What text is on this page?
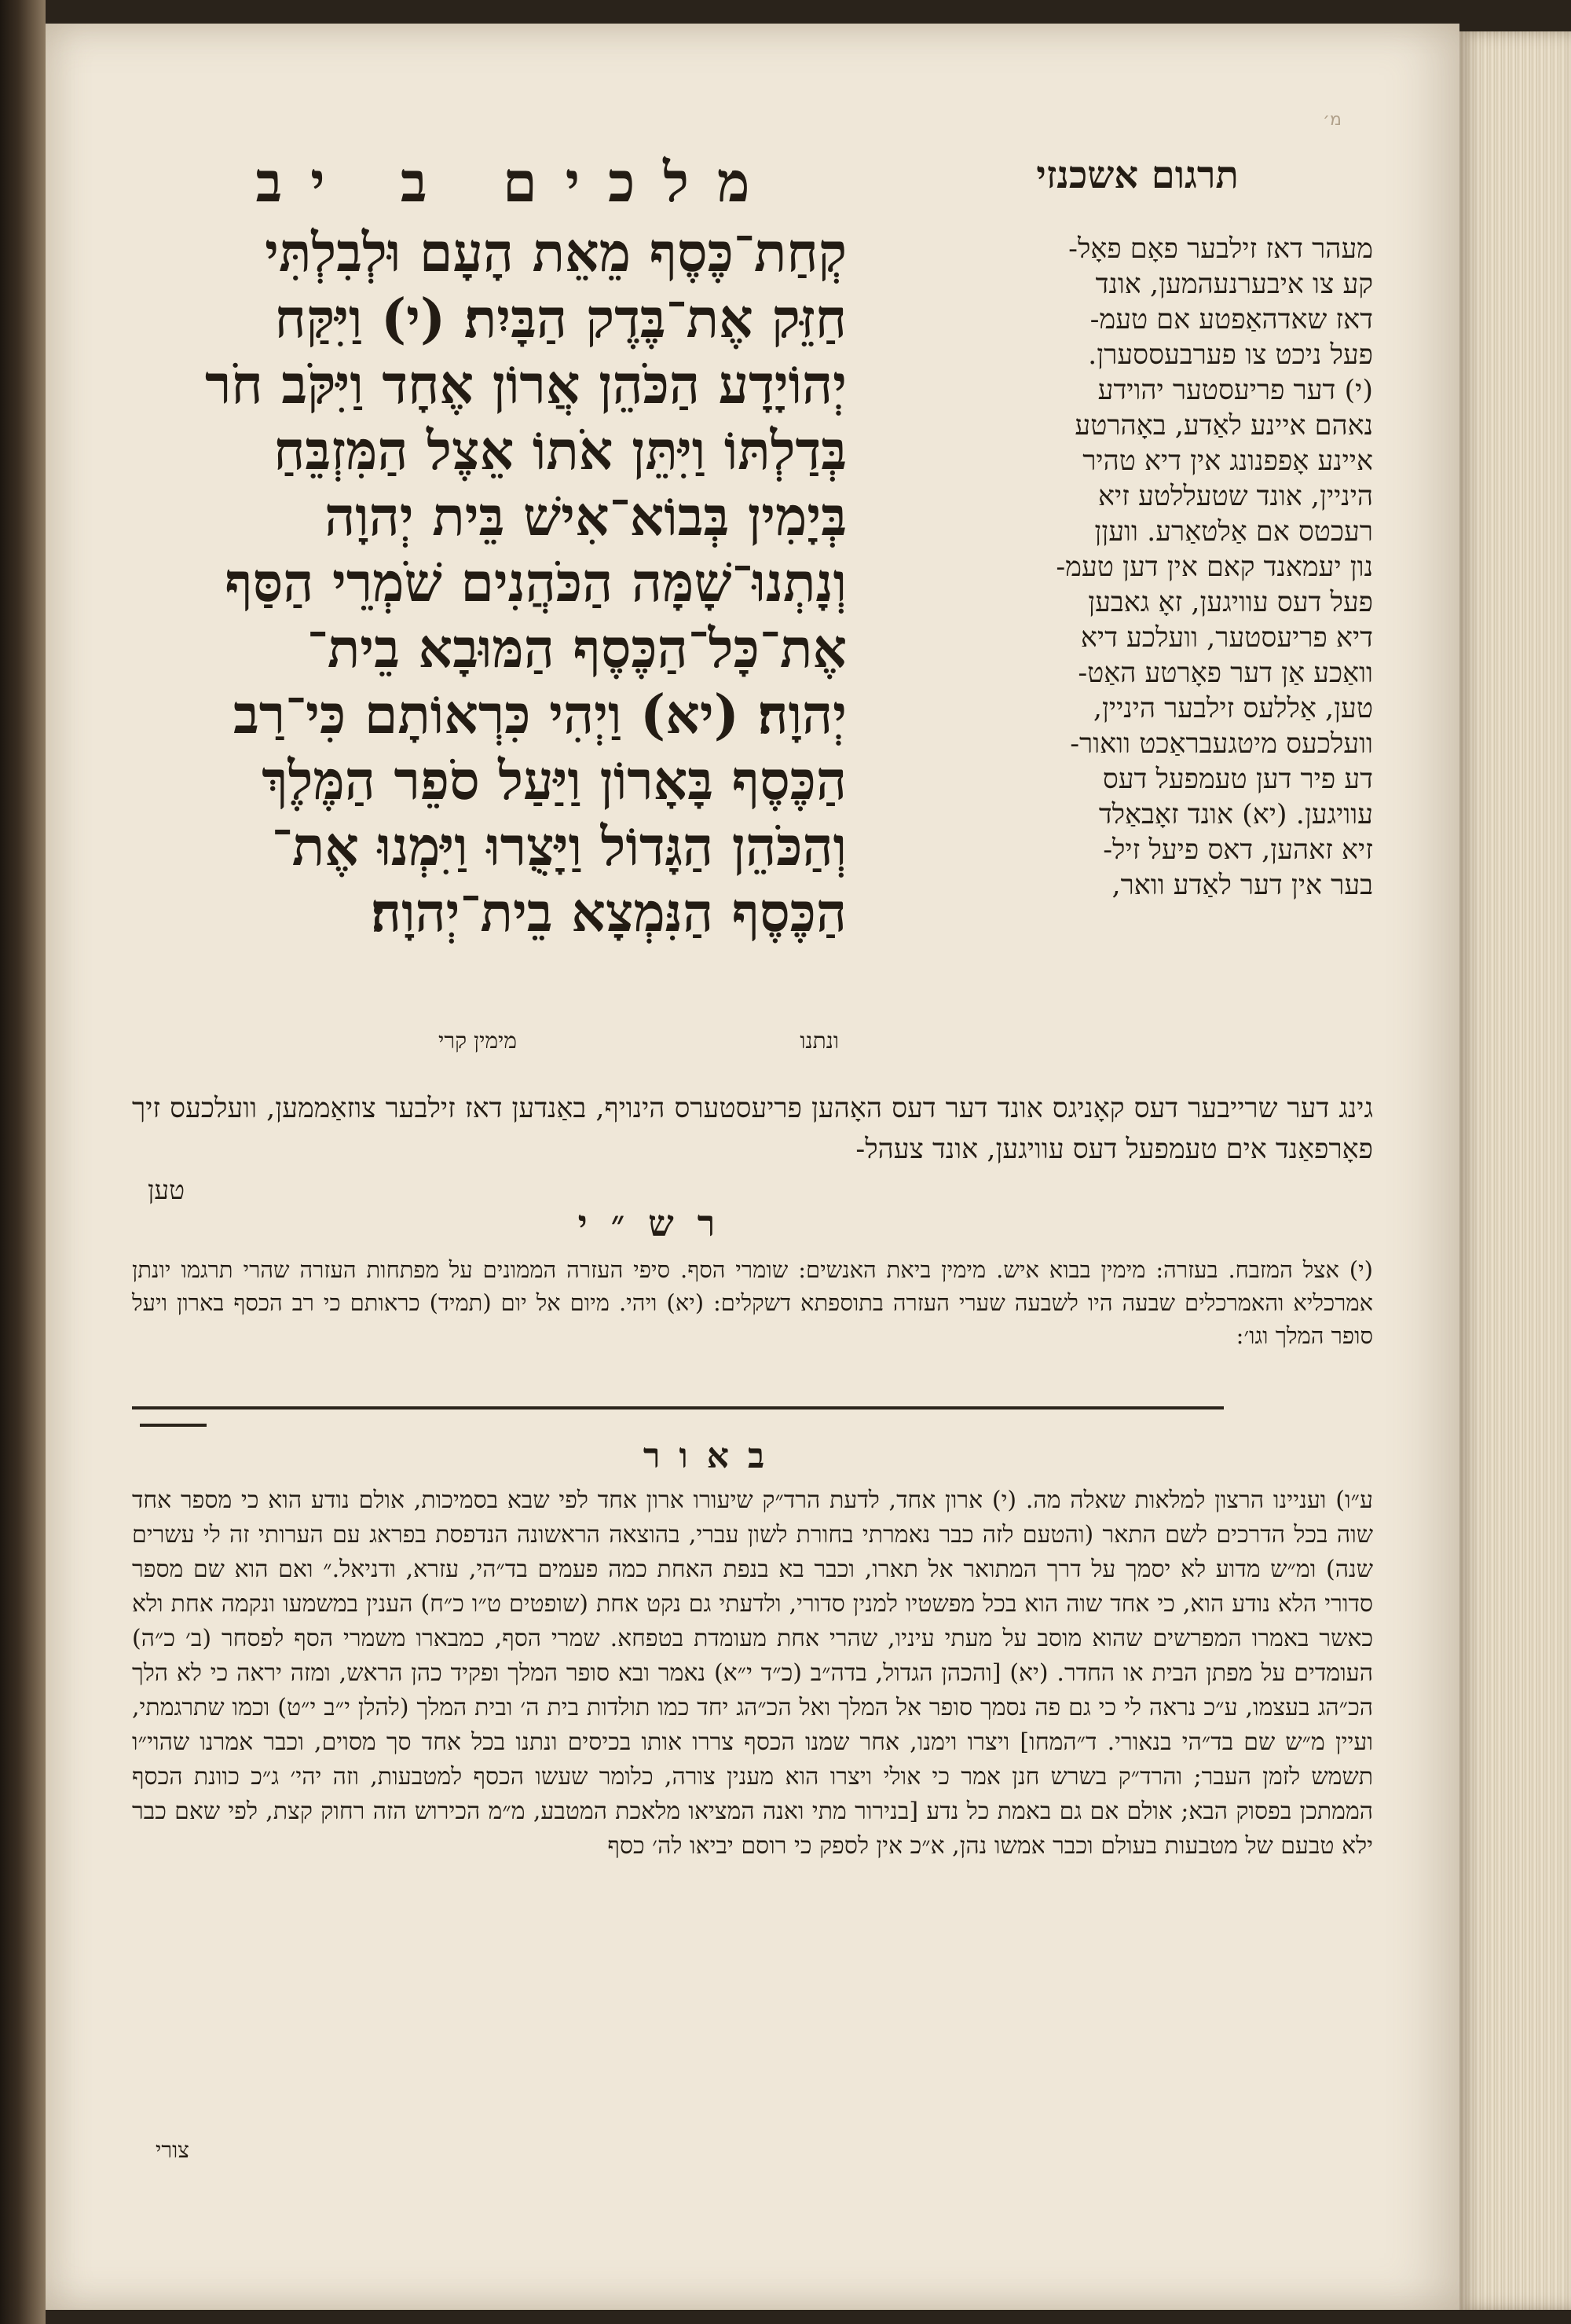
מ׳
תרגום אשכנזי
מלכים ב יב

קְחַת־כֶּסֶף מֵאֵת הָעָם וּלְבִלְתִּי

חַזֵּק אֶת־בֶּדֶק הַבָּיִת׃ (י) וַיִּקַּח

יְהוֹיָדָע הַכֹּהֵן אֲרוֹן אֶחָד וַיִּקֹּב חֹר

בְּדַלְתּוֹ וַיִּתֵּן אֹתוֹ אֵצֶל הַמִּזְבֵּחַ

בְּיָמִין בְּבוֹא־אִישׁ בֵּית יְהוָה

וְנָתְנוּ־שָׁמָּה הַכֹּהֲנִים שֹׁמְרֵי הַסַּף

אֶת־כָּל־הַכֶּסֶף הַמּוּבָא בֵית־

יְהוָה׃ (יא) וַיְהִי כִּרְאוֹתָם כִּי־רַב

הַכֶּסֶף בָּאָרוֹן וַיַּעַל סֹפֵר הַמֶּלֶךְ

וְהַכֹּהֵן הַגָּדוֹל וַיָּצֻרוּ וַיִּמְנוּ אֶת־

הַכֶּסֶף הַנִּמְצָא בֵית־יְהוָה׃

ונתנו
מימין קרי
מעהר דאז זילבער פאָם פאָל-
קע צו איבערנעהמען, אונד
דאז שאדהאַפטע אם טעמ-
פעל ניכט צו פערבעססערן.
(י) דער פריעסטער יהוידע
נאהם איינע לאַדע, באָהרטע
איינע אָפפנונג אין דיא טהיר
היניין, אונד שטעללטע זיא
רעכטס אם אַלטאַרע. וועןן
נון יעמאנד קאם אין דען טעמ-
פעל דעס עוויגען, זאָ גאבען
דיא פריעסטער, וועלכע דיא
וואַכע אַן דער פאָרטע האַט-
טען, אַללעס זילבער היניין,
וועלכעס מיטגעבראַכט וואור-
דע פיר דען טעמפעל דעס
עוויגען. (יא) אונד זאָבאַלד
זיא זאהען, דאס פיעל זיל-
בער אין דער לאַדע וואר,
גינג דער שרייבער דעס קאָניגס אונד דער דעס האָהען פריעסטערס הינויף, באַנדען דאז זילבער צוזאַממען, וועלכעס זיך פאָרפאַנד אים טעמפעל דעס עוויגען, אונד צעהל-
טען
רש״י
(י) אצל המזבח. בעזרה: מימין בבוא איש. מימין ביאת האנשים: שומרי הסף. סיפי העזרה הממונים על מפתחות העזרה שהרי תרגמו יונתן אמרכליא והאמרכלים שבעה היו לשבעה שערי העזרה בתוספתא דשקלים: (יא) ויהי. מיום אל יום (תמיד) כראותם כי רב הכסף בארון ויעל סופר המלך וגו׳:
באור
ע״ו) ועניינו הרצון למלאות שאלה מה. (י) ארון אחד, לדעת הרד״ק שיעורו ארון אחד לפי שבא בסמיכות, אולם נודע הוא כי מספר אחד שוה בכל הדרכים לשם התאר (והטעם לזה כבר נאמרתי בחורת לשון עברי, בהוצאה הראשונה הנדפסת בפראג עם הערותי זה לי עשרים שנה) ומ״ש מדוע לא יסמך על דרך המתואר אל תארו, וכבר בא בנפת האחת כמה פעמים בד״הי, עזרא, ודניאל.״ ואם הוא שם מספר סדורי הלא נודע הוא, כי אחד שוה הוא בכל מפשטיו למנין סדורי, ולדעתי גם נקט אחת (שופטים ט״ו כ״ח) הענין במשמעו ונקמה אחת ולא כאשר באמרו המפרשים שהוא מוסב על מעתי עיניו, שהרי אחת מעומדת בטפחא. שמרי הסף, כמבארו משמרי הסף לפסחר (ב׳ כ״ה) העומדים על מפתן הבית או החדר. (יא) [והכהן הגדול, בדה״ב (כ״ד י״א) נאמר ובא סופר המלך ופקיד כהן הראש, ומזה יראה כי לא הלך הכ״הג בעצמו, ע״כ נראה לי כי גם פה נסמך סופר אל המלך ואל הכ״הג יחד כמו תולדות בית ה׳ ובית המלך (להלן י״ב י״ט) וכמו שתרגמתי, ועיין מ״ש שם בד״הי בנאורי. ד״המחו] ויצרו וימנו, אחר שמנו הכסף צררו אותו בכיסים ונתנו בכל אחד סך מסוים, וכבר אמרנו שהוי״ו תשמש לזמן העבר; והרד״ק בשרש חנן אמר כי אולי ויצרו הוא מענין צורה, כלומר שעשו הכסף למטבעות, וזה יהי׳ ג״כ כוונת הכסף הממתכן בפסוק הבא; אולם אם גם באמת כל נדע [בנירור מתי ואנה המציאו מלאכת המטבע, מ״מ הכירוש הזה רחוק קצת, לפי שאם כבר ילא טבעם של מטבעות בעולם וכבר אמשו נהן, א״כ אין לספק כי רוסם יביאו לה׳ כסף
צורי
